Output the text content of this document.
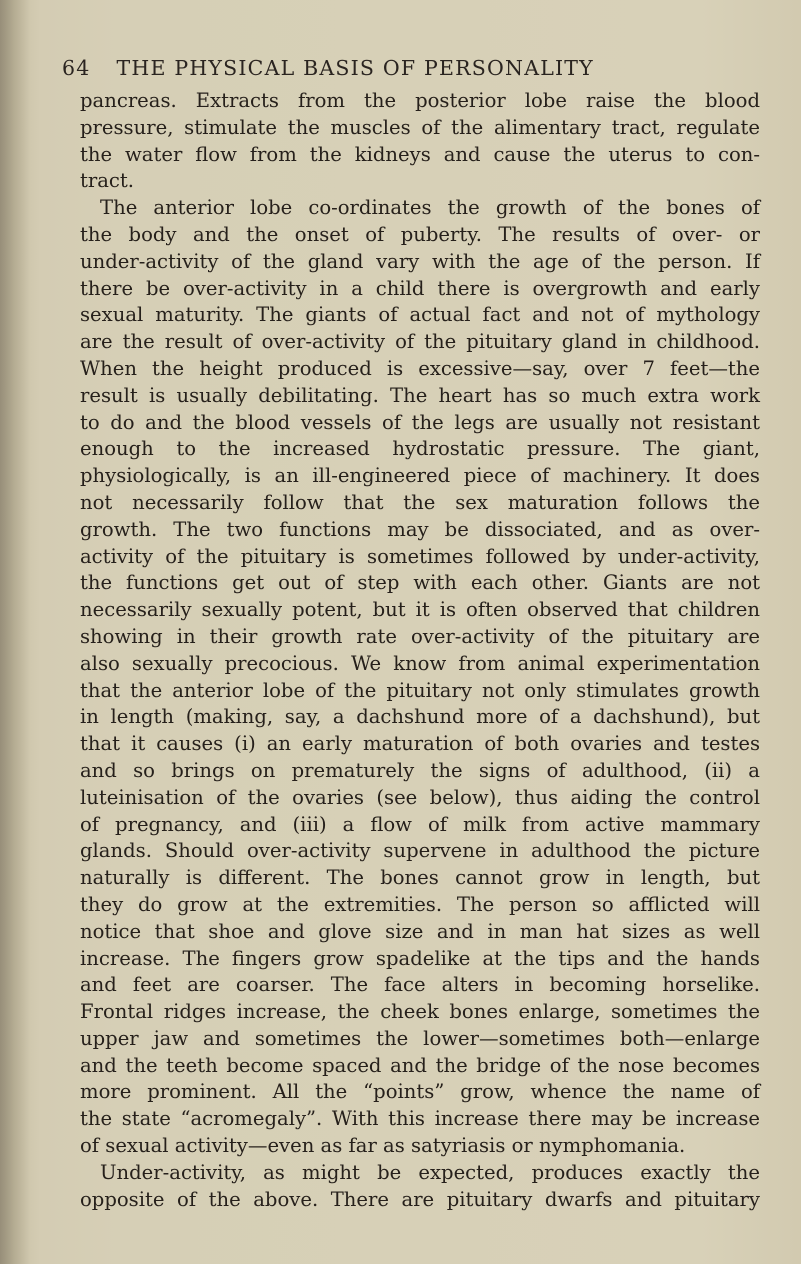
64 THE PHYSICAL BASIS OF PERSONALITY
pancreas. Extracts from the posterior lobe raise the blood
pressure, stimulate the muscles of the alimentary tract, regulate
the water flow from the kidneys and cause the uterus to con-
tract.
The anterior lobe co-ordinates the growth of the bones of
the body and the onset of puberty. The results of over- or
under-activity of the gland vary with the age of the person. If
there be over-activity in a child there is overgrowth and early
sexual maturity. The giants of actual fact and not of mythology
are the result of over-activity of the pituitary gland in childhood.
When the height produced is excessive—say, over 7 feet—the
result is usually debilitating. The heart has so much extra work
to do and the blood vessels of the legs are usually not resistant
enough to the increased hydrostatic pressure. The giant,
physiologically, is an ill-engineered piece of machinery. It does
not necessarily follow that the sex maturation follows the
growth. The two functions may be dissociated, and as over-
activity of the pituitary is sometimes followed by under-activity,
the functions get out of step with each other. Giants are not
necessarily sexually potent, but it is often observed that children
showing in their growth rate over-activity of the pituitary are
also sexually precocious. We know from animal experimentation
that the anterior lobe of the pituitary not only stimulates growth
in length (making, say, a dachshund more of a dachshund), but
that it causes (i) an early maturation of both ovaries and testes
and so brings on prematurely the signs of adulthood, (ii) a
luteinisation of the ovaries (see below), thus aiding the control
of pregnancy, and (iii) a flow of milk from active mammary
glands. Should over-activity supervene in adulthood the picture
naturally is different. The bones cannot grow in length, but
they do grow at the extremities. The person so afflicted will
notice that shoe and glove size and in man hat sizes as well
increase. The fingers grow spadelike at the tips and the hands
and feet are coarser. The face alters in becoming horselike.
Frontal ridges increase, the cheek bones enlarge, sometimes the
upper jaw and sometimes the lower—sometimes both—enlarge
and the teeth become spaced and the bridge of the nose becomes
more prominent. All the “points” grow, whence the name of
the state “acromegaly”. With this increase there may be increase
of sexual activity—even as far as satyriasis or nymphomania.
Under-activity, as might be expected, produces exactly the
opposite of the above. There are pituitary dwarfs and pituitary
